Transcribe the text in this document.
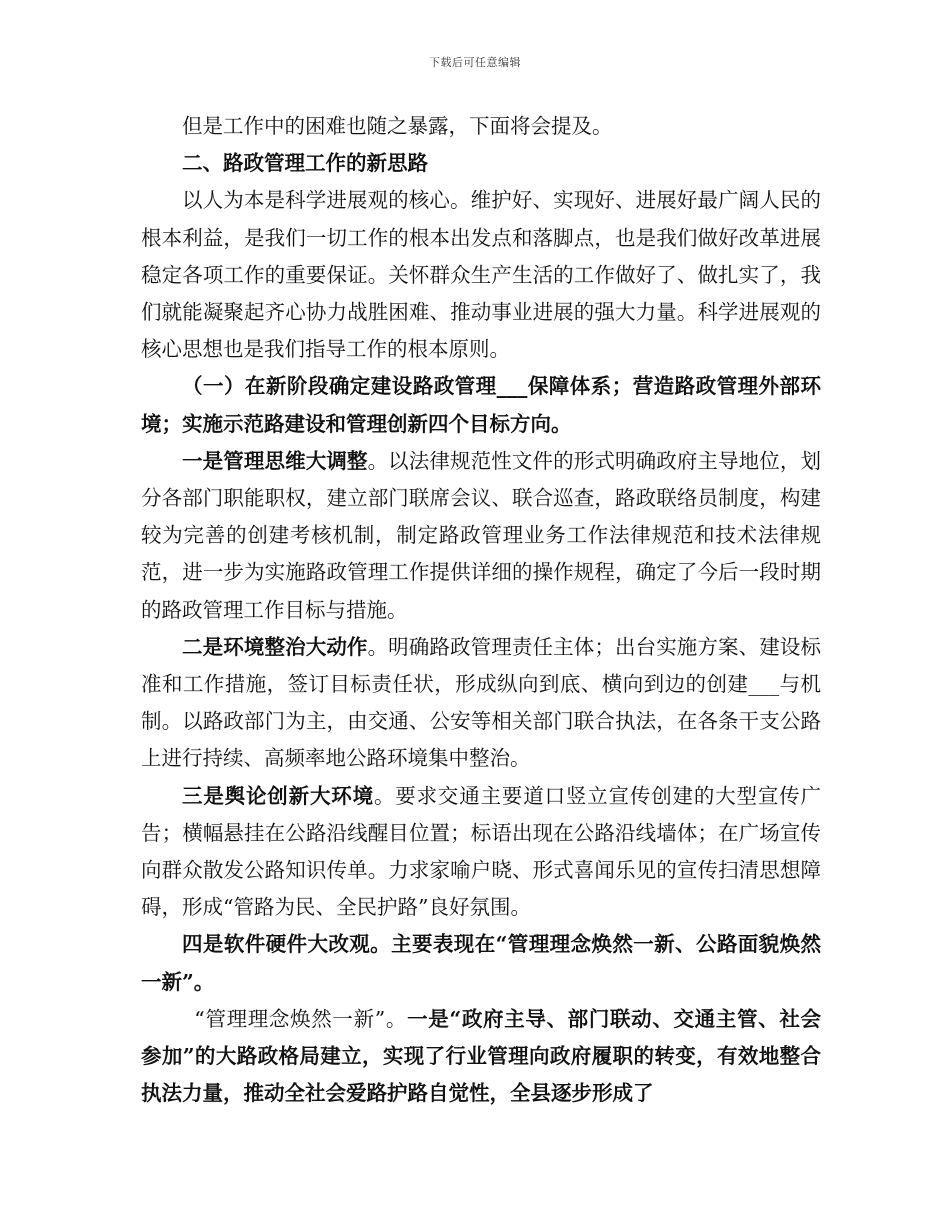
下载后可任意编辑

但是工作中的困难也随之暴露，下面将会提及。

二、路政管理工作的新思路

以人为本是科学进展观的核心。维护好、实现好、进展好最广阔人民的根本利益，是我们一切工作的根本出发点和落脚点，也是我们做好改革进展稳定各项工作的重要保证。关怀群众生产生活的工作做好了、做扎实了，我们就能凝聚起齐心协力战胜困难、推动事业进展的强大力量。科学进展观的核心思想也是我们指导工作的根本原则。

（一）在新阶段确定建设路政管理___保障体系；营造路政管理外部环境；实施示范路建设和管理创新四个目标方向。

一是管理思维大调整。以法律规范性文件的形式明确政府主导地位，划分各部门职能职权，建立部门联席会议、联合巡查，路政联络员制度，构建较为完善的创建考核机制，制定路政管理业务工作法律规范和技术法律规范，进一步为实施路政管理工作提供详细的操作规程，确定了今后一段时期的路政管理工作目标与措施。

二是环境整治大动作。明确路政管理责任主体；出台实施方案、建设标准和工作措施，签订目标责任状，形成纵向到底、横向到边的创建___与机制。以路政部门为主，由交通、公安等相关部门联合执法，在各条干支公路上进行持续、高频率地公路环境集中整治。

三是舆论创新大环境。要求交通主要道口竖立宣传创建的大型宣传广告；横幅悬挂在公路沿线醒目位置；标语出现在公路沿线墙体；在广场宣传向群众散发公路知识传单。力求家喻户晓、形式喜闻乐见的宣传扫清思想障碍，形成“管路为民、全民护路”良好氛围。

四是软件硬件大改观。主要表现在“管理理念焕然一新、公路面貌焕然一新”。

“管理理念焕然一新”。一是“政府主导、部门联动、交通主管、社会参加”的大路政格局建立，实现了行业管理向政府履职的转变，有效地整合执法力量，推动全社会爱路护路自觉性，全县逐步形成了
